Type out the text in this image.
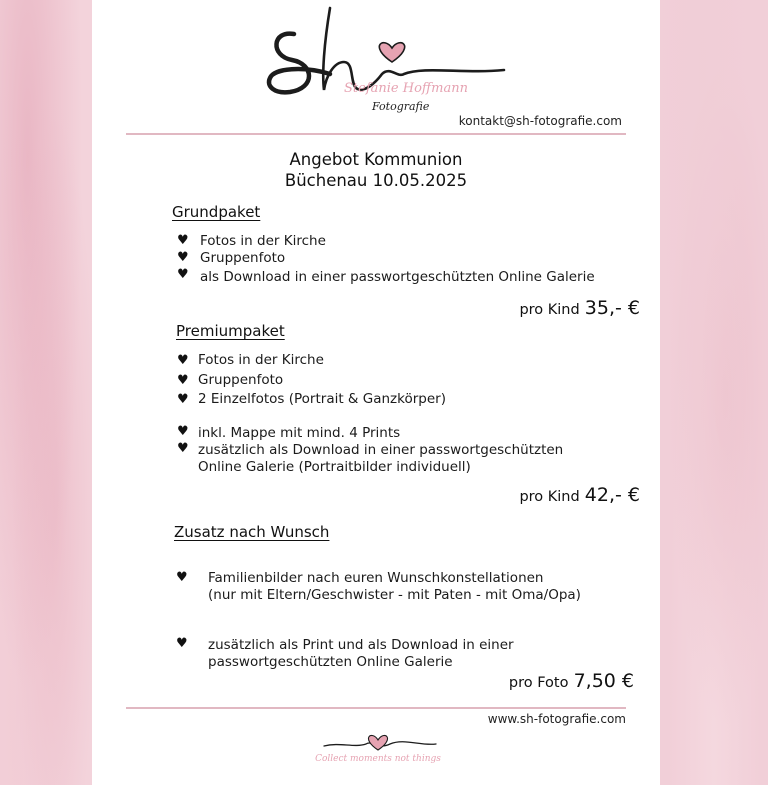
Stefanie Hoffmann
Fotografie
kontakt@sh-fotografie.com
Angebot Kommunion
Büchenau 10.05.2025
Grundpaket
♥ Fotos in der Kirche
♥ Gruppenfoto
♥ als Download in einer passwortgeschützten Online Galerie
pro Kind 35,- €
Premiumpaket
♥ Fotos in der Kirche
♥ Gruppenfoto
♥ 2 Einzelfotos (Portrait & Ganzkörper)
♥ inkl. Mappe mit mind. 4 Prints
♥ zusätzlich als Download in einer passwortgeschützten
Online Galerie (Portraitbilder individuell)
pro Kind 42,- €
Zusatz nach Wunsch
♥ Familienbilder nach euren Wunschkonstellationen
(nur mit Eltern/Geschwister - mit Paten - mit Oma/Opa)
♥ zusätzlich als Print und als Download in einer
passwortgeschützten Online Galerie
pro Foto 7,50 €
www.sh-fotografie.com
Collect moments not things
